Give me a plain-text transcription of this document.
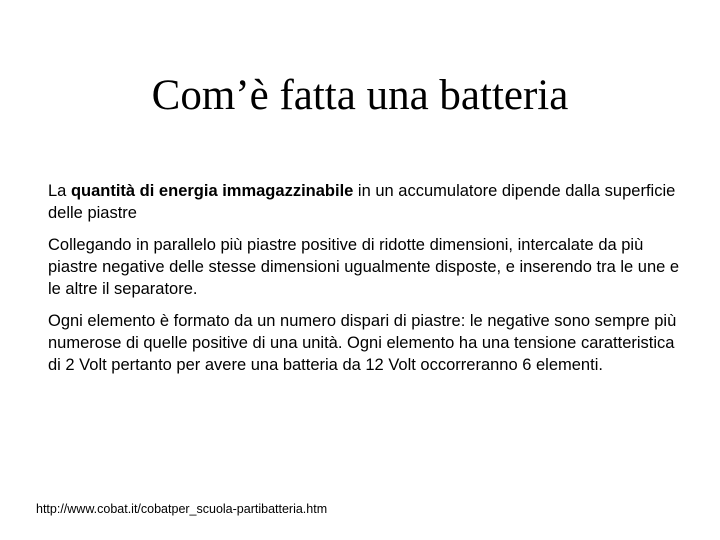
Com’è fatta una batteria

La quantità di energia immagazzinabile in un accumulatore dipende dalla superficie delle piastre

Collegando in parallelo più piastre positive di ridotte dimensioni, intercalate da più piastre negative delle stesse dimensioni ugualmente disposte, e inserendo tra le une e le altre il separatore.

Ogni elemento è formato da un numero dispari di piastre: le negative sono sempre più numerose di quelle positive di una unità. Ogni elemento ha una tensione caratteristica di 2 Volt pertanto per avere una batteria da 12 Volt occorreranno 6 elementi.

http://www.cobat.it/cobatper_scuola-partibatteria.htm
